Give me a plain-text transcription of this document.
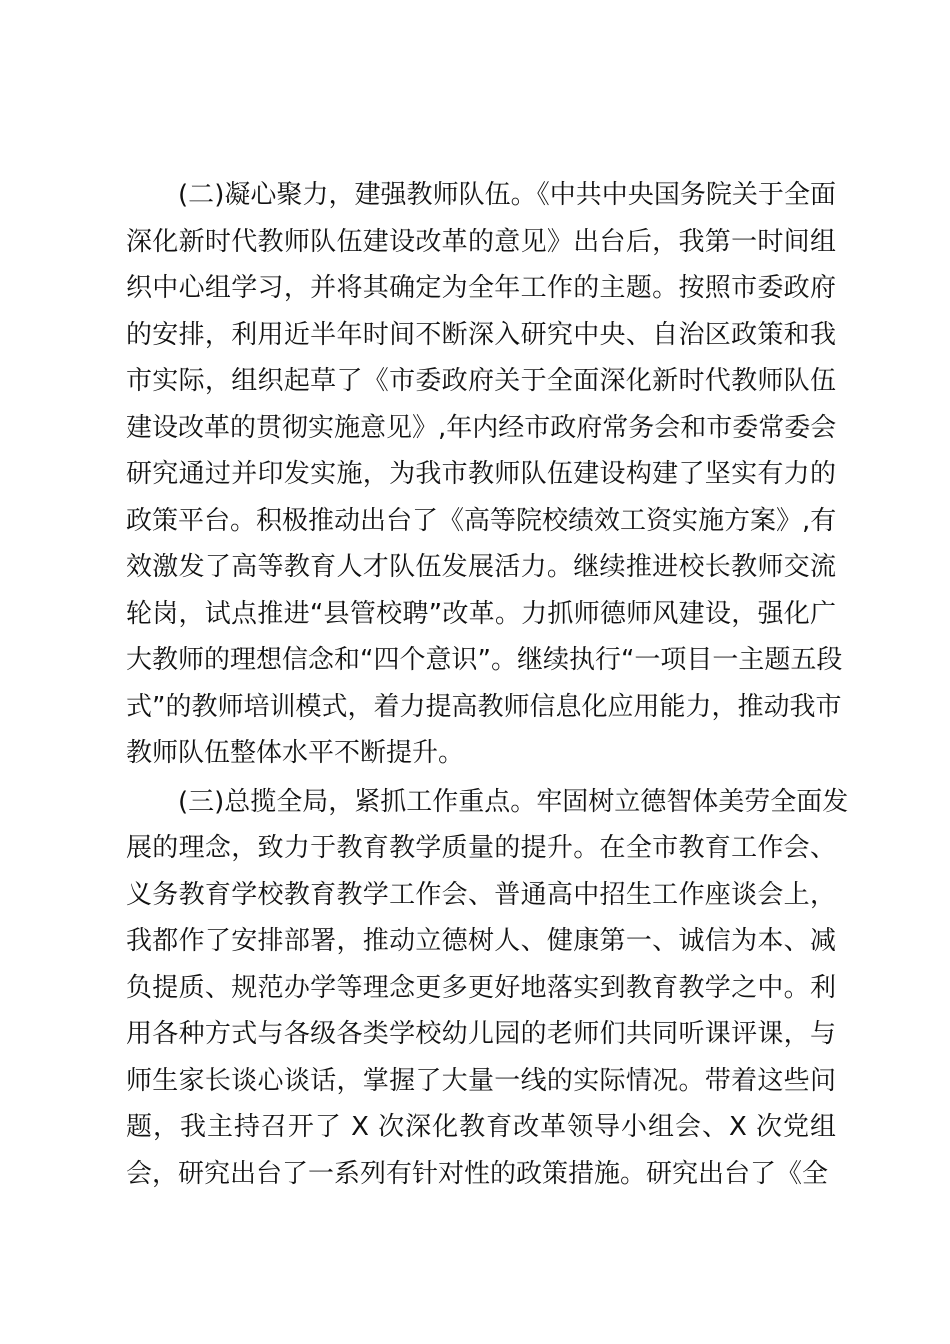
(二)凝心聚力，建强教师队伍。《中共中央国务院关于全面
深化新时代教师队伍建设改革的意见》出台后，我第一时间组
织中心组学习，并将其确定为全年工作的主题。按照市委政府
的安排，利用近半年时间不断深入研究中央、自治区政策和我
市实际，组织起草了《市委政府关于全面深化新时代教师队伍
建设改革的贯彻实施意见》,年内经市政府常务会和市委常委会
研究通过并印发实施，为我市教师队伍建设构建了坚实有力的
政策平台。积极推动出台了《高等院校绩效工资实施方案》,有
效激发了高等教育人才队伍发展活力。继续推进校长教师交流
轮岗，试点推进“县管校聘”改革。力抓师德师风建设，强化广
大教师的理想信念和“四个意识”。继续执行“一项目一主题五段
式”的教师培训模式，着力提高教师信息化应用能力，推动我市
教师队伍整体水平不断提升。
(三)总揽全局，紧抓工作重点。牢固树立德智体美劳全面发
展的理念，致力于教育教学质量的提升。在全市教育工作会、
义务教育学校教育教学工作会、普通高中招生工作座谈会上，
我都作了安排部署，推动立德树人、健康第一、诚信为本、减
负提质、规范办学等理念更多更好地落实到教育教学之中。利
用各种方式与各级各类学校幼儿园的老师们共同听课评课，与
师生家长谈心谈话，掌握了大量一线的实际情况。带着这些问
题，我主持召开了 X 次深化教育改革领导小组会、X 次党组
会，研究出台了一系列有针对性的政策措施。研究出台了《全
